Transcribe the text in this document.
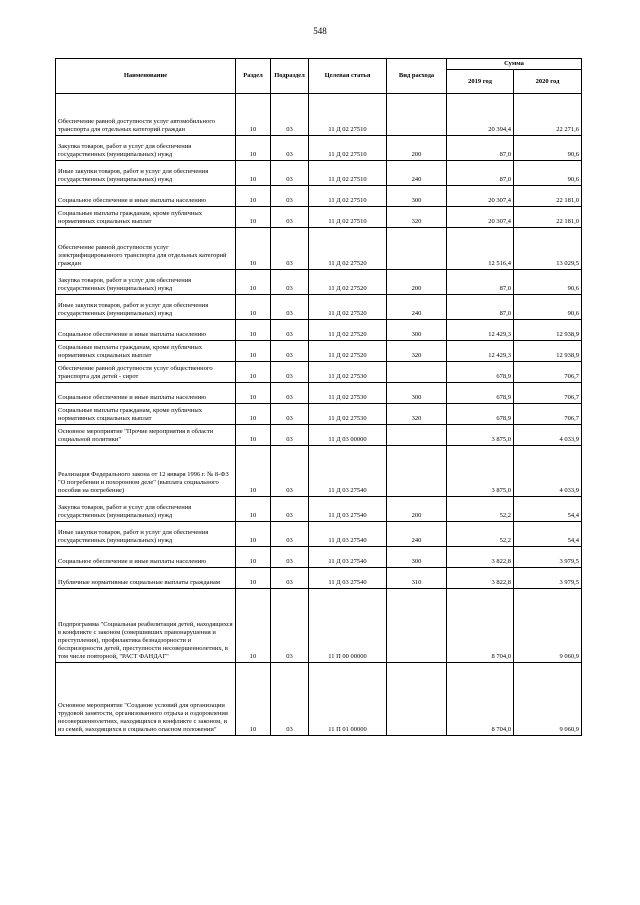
548
Наименование	Раздел	Подраздел	Целевая статья	Вид расхода	Сумма	
					2019 год	2020 год
Обеспечение равной доступности услуг автомобильного транспорта для отдельных категорий граждан	10	03	11 Д 02 27510		20 394,4	22 271,6
Закупка товаров, работ и услуг для обеспечения государственных (муниципальных) нужд	10	03	11 Д 02 27510	200	87,0	90,6
Иные закупки товаров, работ и услуг для обеспечения государственных (муниципальных) нужд	10	03	11 Д 02 27510	240	87,0	90,6
Социальное обеспечение и иные выплаты населению	10	03	11 Д 02 27510	300	20 307,4	22 181,0
Социальные выплаты гражданам, кроме публичных нормативных социальных выплат	10	03	11 Д 02 27510	320	20 307,4	22 181,0
Обеспечение равной доступности услуг электрифицированного транспорта для отдельных категорий граждан	10	03	11 Д 02 27520		12 516,4	13 029,5
Закупка товаров, работ и услуг для обеспечения государственных (муниципальных) нужд	10	03	11 Д 02 27520	200	87,0	90,6
Иные закупки товаров, работ и услуг для обеспечения государственных (муниципальных) нужд	10	03	11 Д 02 27520	240	87,0	90,6
Социальное обеспечение и иные выплаты населению	10	03	11 Д 02 27520	300	12 429,3	12 938,9
Социальные выплаты гражданам, кроме публичных нормативных социальных выплат	10	03	11 Д 02 27520	320	12 429,3	12 938,9
Обеспечение равной доступности услуг общественного транспорта для детей - сирот	10	03	11 Д 02 27530		678,9	706,7
Социальное обеспечение и иные выплаты населению	10	03	11 Д 02 27530	300	678,9	706,7
Социальные выплаты гражданам, кроме публичных нормативных социальных выплат	10	03	11 Д 02 27530	320	678,9	706,7
Основное мероприятие "Прочие мероприятия в области социальной политики"	10	03	11 Д 03 00000		3 875,0	4 033,9
Реализация Федерального закона от 12 января 1996 г. № 8-ФЗ "О погребении и похоронном деле" (выплата социального пособия на погребение)	10	03	11 Д 03 27540		3 875,0	4 033,9
Закупка товаров, работ и услуг для обеспечения государственных (муниципальных) нужд	10	03	11 Д 03 27540	200	52,2	54,4
Иные закупки товаров, работ и услуг для обеспечения государственных (муниципальных) нужд	10	03	11 Д 03 27540	240	52,2	54,4
Социальное обеспечение и иные выплаты населению	10	03	11 Д 03 27540	300	3 822,8	3 979,5
Публичные нормативные социальные выплаты гражданам	10	03	11 Д 03 27540	310	3 822,8	3 979,5
Подпрограмма "Социальная реабилитация детей, находящихся в конфликте с законом (совершивших правонарушения и преступления), профилактика безнадзорности и беспризорности детей, преступности несовершеннолетних, в том числе повторной, "РАСТ ФАНДАГ"	10	03	11 П 00 00000		8 704,0	9 060,9
Основное мероприятие "Создание условий для организации трудовой занятости, организованного отдыха и оздоровления несовершеннолетних, находящихся в конфликте с законом, и из семей, находящихся в социально опасном положении"	10	03	11 П 01 00000		8 704,0	9 060,9
